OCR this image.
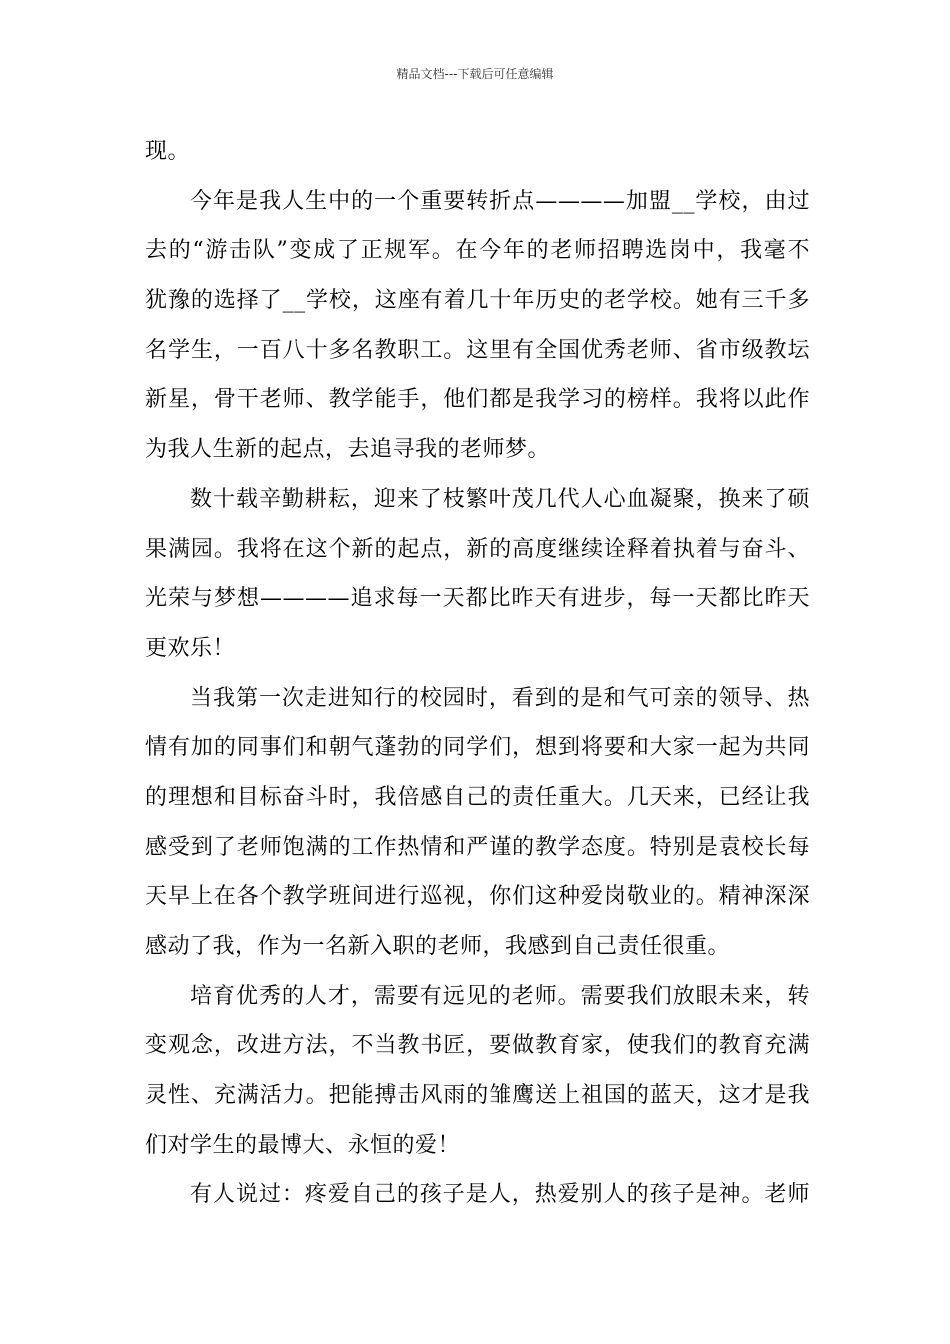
精品文档---下载后可任意编辑
现。
今年是我人生中的一个重要转折点————加盟__学校，由过
去的“游击队”变成了正规军。在今年的老师招聘选岗中，我毫不
犹豫的选择了__学校，这座有着几十年历史的老学校。她有三千多
名学生，一百八十多名教职工。这里有全国优秀老师、省市级教坛
新星，骨干老师、教学能手，他们都是我学习的榜样。我将以此作
为我人生新的起点，去追寻我的老师梦。
数十载辛勤耕耘，迎来了枝繁叶茂几代人心血凝聚，换来了硕
果满园。我将在这个新的起点，新的高度继续诠释着执着与奋斗、
光荣与梦想————追求每一天都比昨天有进步，每一天都比昨天
更欢乐！
当我第一次走进知行的校园时，看到的是和气可亲的领导、热
情有加的同事们和朝气蓬勃的同学们，想到将要和大家一起为共同
的理想和目标奋斗时，我倍感自己的责任重大。几天来，已经让我
感受到了老师饱满的工作热情和严谨的教学态度。特别是袁校长每
天早上在各个教学班间进行巡视，你们这种爱岗敬业的。精神深深
感动了我，作为一名新入职的老师，我感到自己责任很重。
培育优秀的人才，需要有远见的老师。需要我们放眼未来，转
变观念，改进方法，不当教书匠，要做教育家，使我们的教育充满
灵性、充满活力。把能搏击风雨的雏鹰送上祖国的蓝天，这才是我
们对学生的最博大、永恒的爱！
有人说过：疼爱自己的孩子是人，热爱别人的孩子是神。老师
